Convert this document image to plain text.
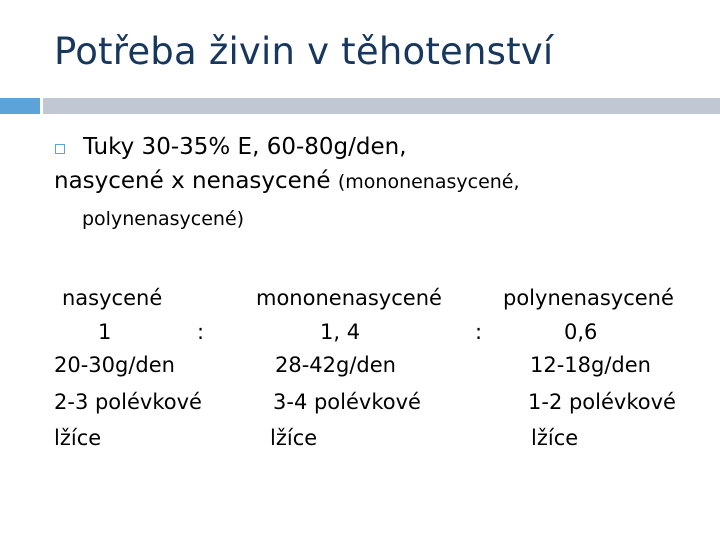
Potřeba živin v těhotenství
Tuky 30-35% E, 60-80g/den,
nasycené x nenasycené (mononenasycené,
polynenasycené)
nasycené
1	:
20-30g/den
2-3 polévkové
lžíce
mononenasycené
1, 4	:
28-42g/den
3-4 polévkové
lžíce
polynenasycené
0,6
12-18g/den
1-2 polévkové
lžíce
